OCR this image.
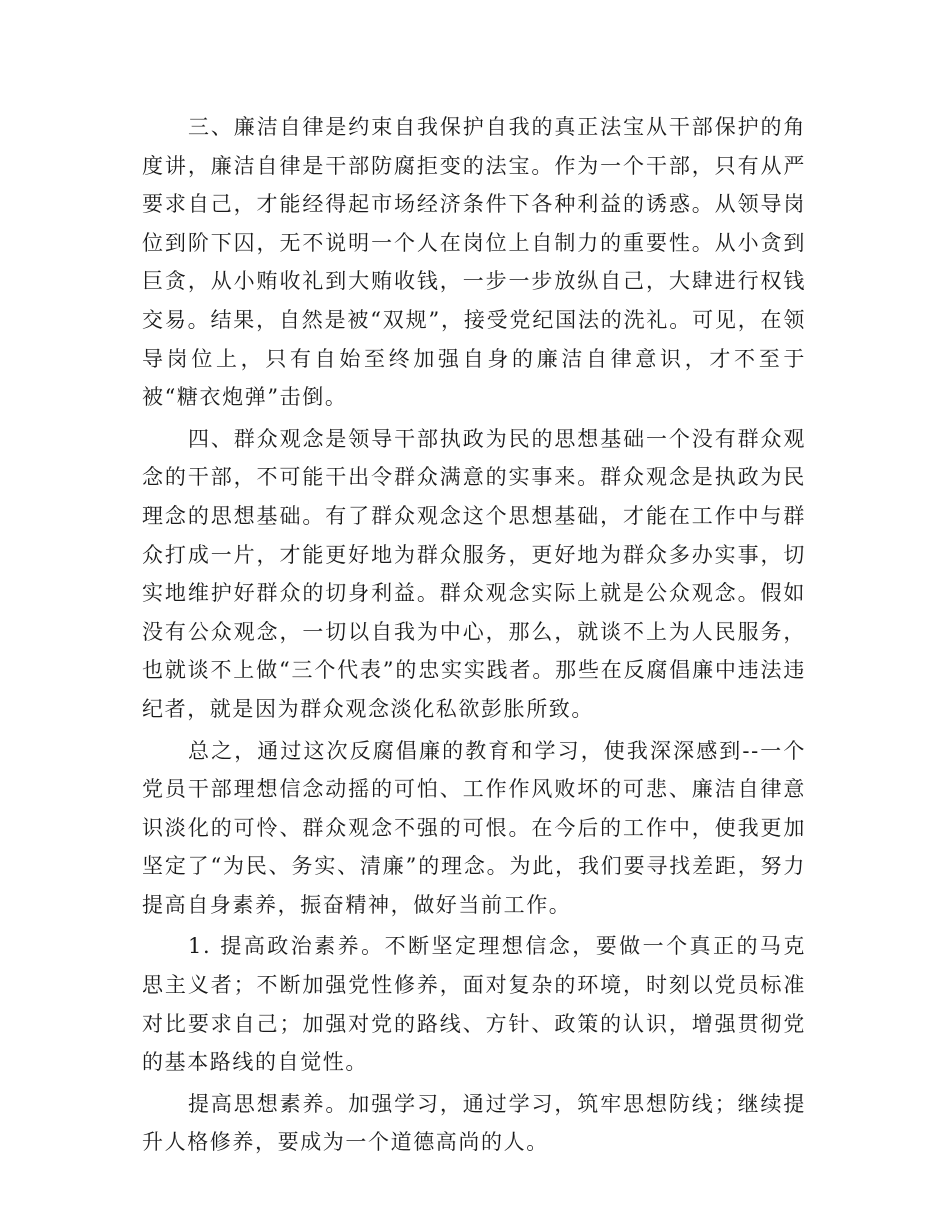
三、廉洁自律是约束自我保护自我的真正法宝从干部保护的角度讲，廉洁自律是干部防腐拒变的法宝。作为一个干部，只有从严要求自己，才能经得起市场经济条件下各种利益的诱惑。从领导岗位到阶下囚，无不说明一个人在岗位上自制力的重要性。从小贪到巨贪，从小贿收礼到大贿收钱，一步一步放纵自己，大肆进行权钱交易。结果，自然是被“双规”，接受党纪国法的洗礼。可见，在领导岗位上，只有自始至终加强自身的廉洁自律意识，才不至于被“糖衣炮弹”击倒。

四、群众观念是领导干部执政为民的思想基础一个没有群众观念的干部，不可能干出令群众满意的实事来。群众观念是执政为民理念的思想基础。有了群众观念这个思想基础，才能在工作中与群众打成一片，才能更好地为群众服务，更好地为群众多办实事，切实地维护好群众的切身利益。群众观念实际上就是公众观念。假如没有公众观念，一切以自我为中心，那么，就谈不上为人民服务，也就谈不上做“三个代表”的忠实实践者。那些在反腐倡廉中违法违纪者，就是因为群众观念淡化私欲彭胀所致。

总之，通过这次反腐倡廉的教育和学习，使我深深感到--一个党员干部理想信念动摇的可怕、工作作风败坏的可悲、廉洁自律意识淡化的可怜、群众观念不强的可恨。在今后的工作中，使我更加坚定了“为民、务实、清廉”的理念。为此，我们要寻找差距，努力提高自身素养，振奋精神，做好当前工作。

1. 提高政治素养。不断坚定理想信念，要做一个真正的马克思主义者；不断加强党性修养，面对复杂的环境，时刻以党员标准对比要求自己；加强对党的路线、方针、政策的认识，增强贯彻党的基本路线的自觉性。

提高思想素养。加强学习，通过学习，筑牢思想防线；继续提升人格修养，要成为一个道德高尚的人。
